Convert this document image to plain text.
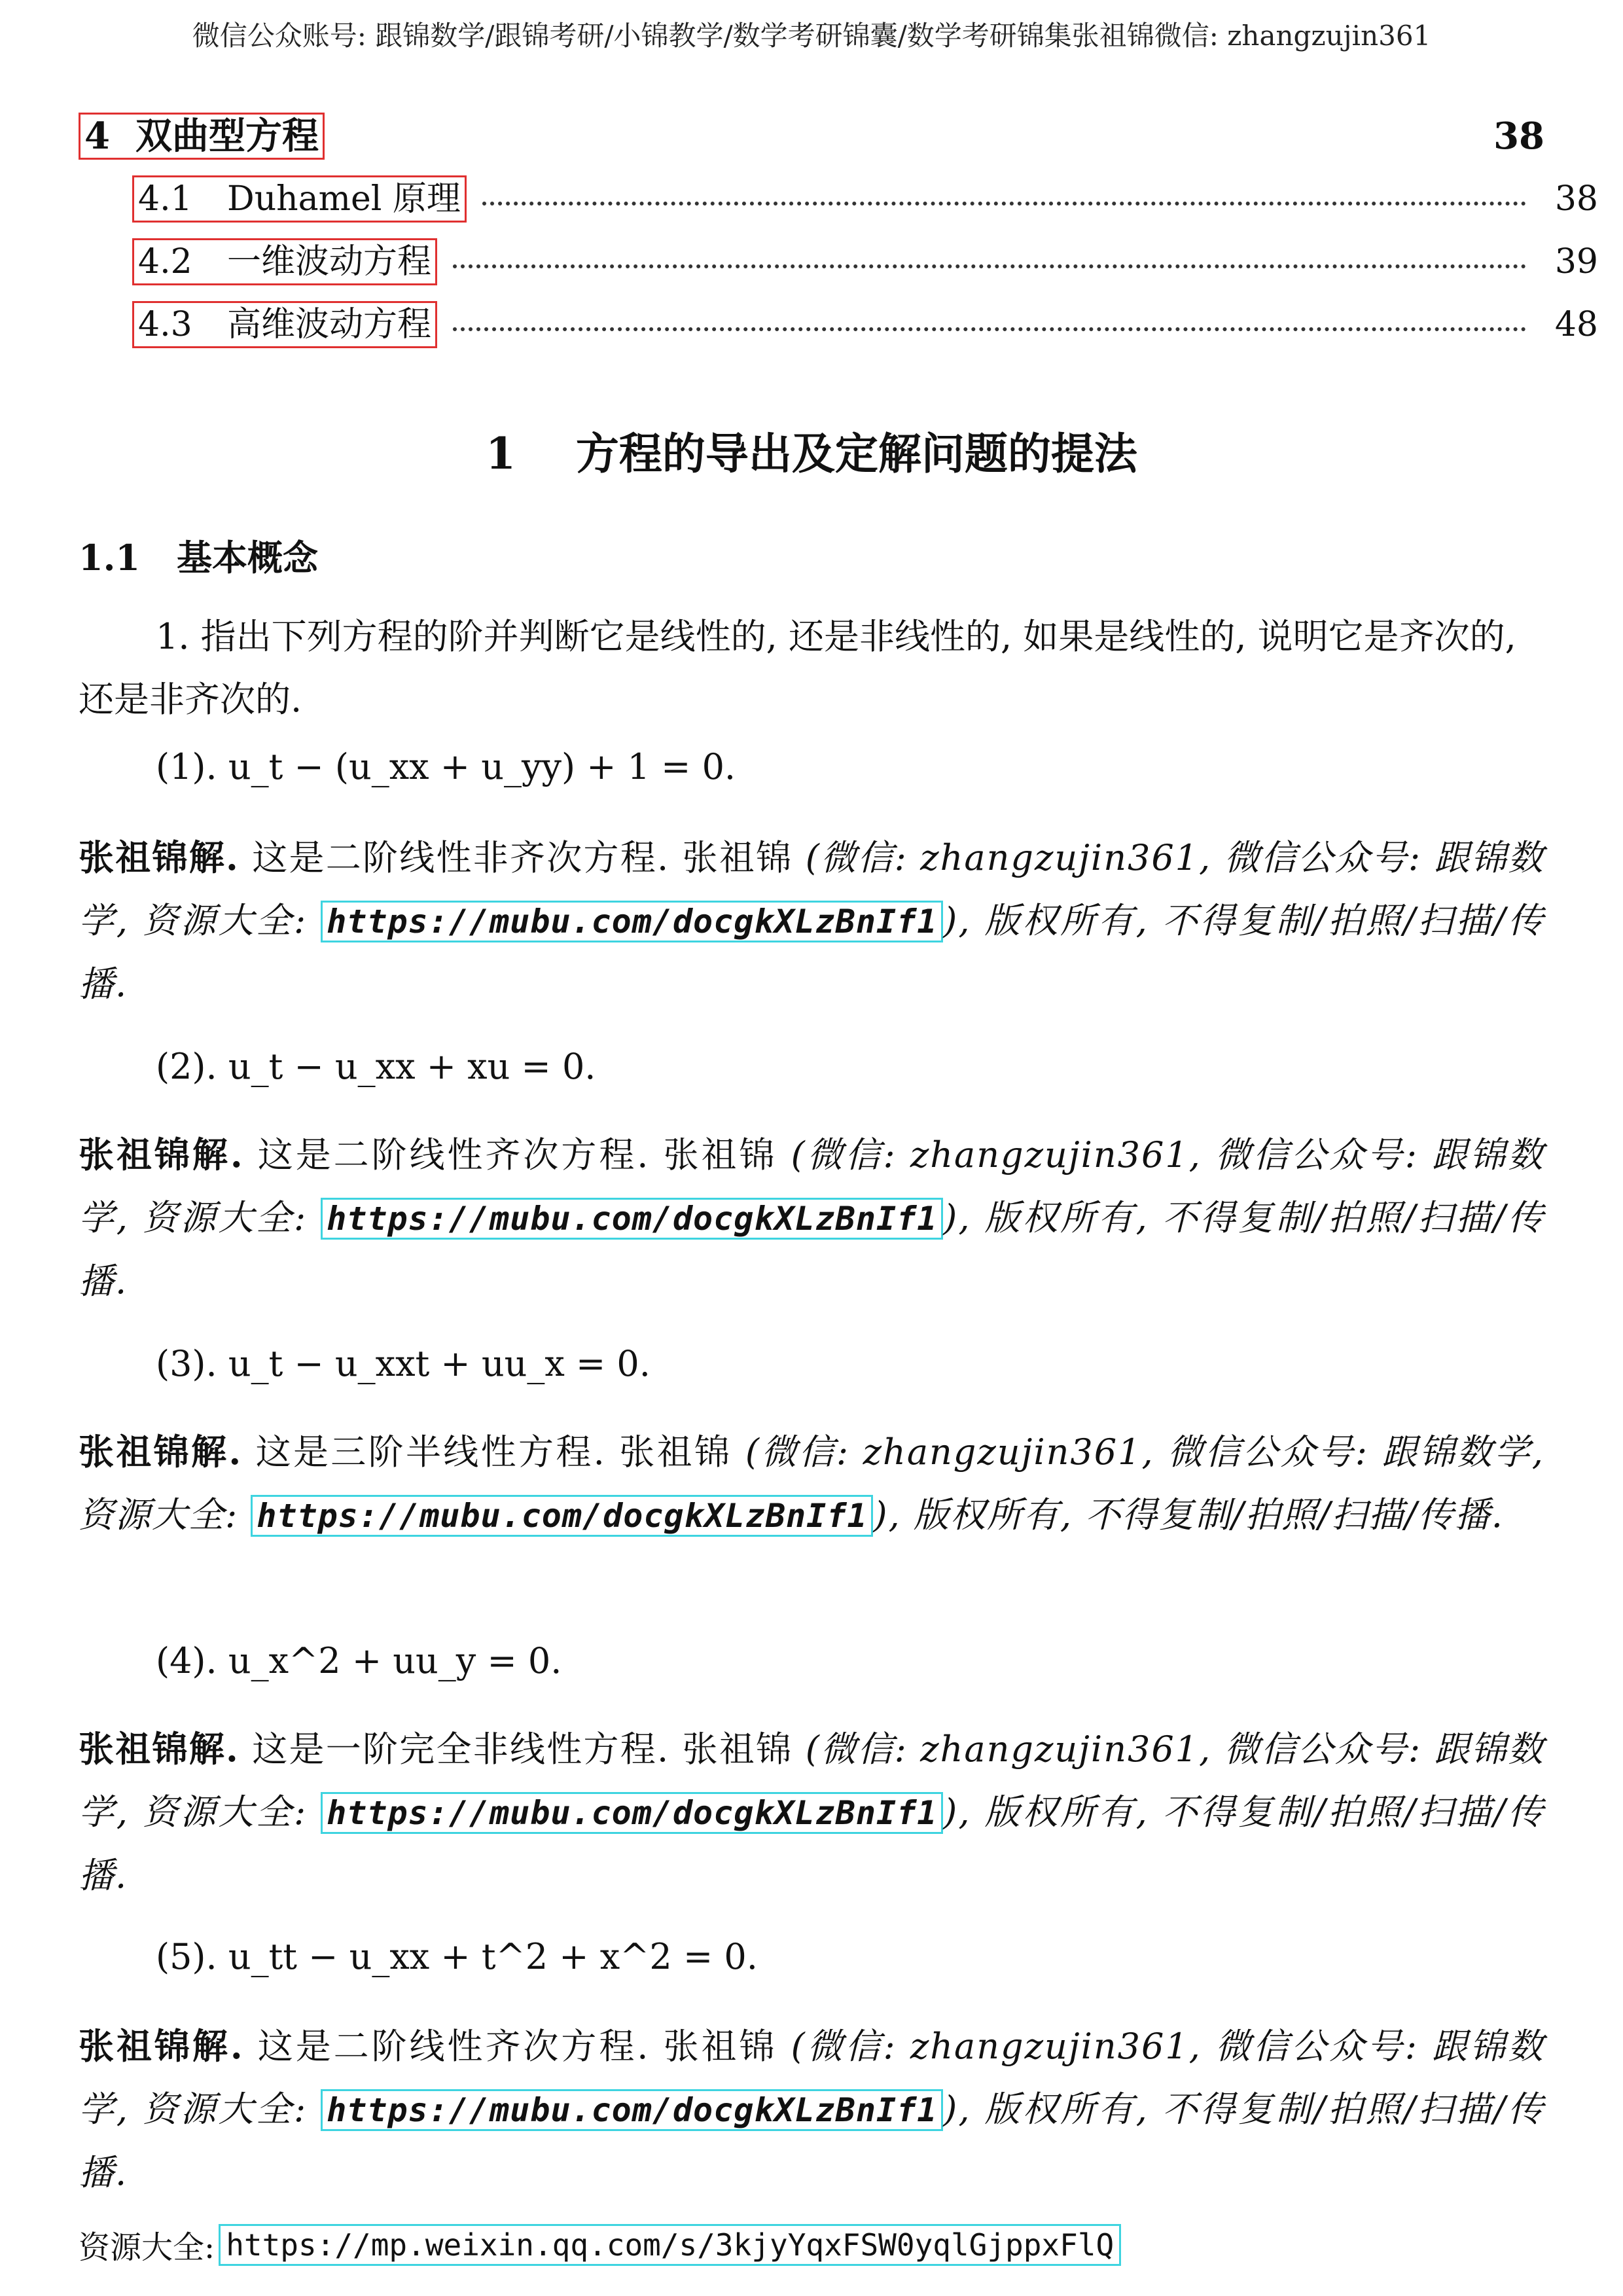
微信公众账号: 跟锦数学/跟锦考研/小锦教学/数学考研锦囊/数学考研锦集张祖锦微信: zhangzujin361
4 双曲型方程	38
4.1 Duhamel 原理	38
4.2 一维波动方程	39
4.3 高维波动方程	48
1 方程的导出及定解问题的提法
1.1 基本概念
1. 指出下列方程的阶并判断它是线性的, 还是非线性的, 如果是线性的, 说明它是齐次的, 还是非齐次的.
(1). u_t − (u_xx + u_yy) + 1 = 0.
张祖锦解. 这是二阶线性非齐次方程. 张祖锦 (微信: zhangzujin361, 微信公众号: 跟锦数学, 资源大全: https://mubu.com/docgkXLzBnIf1 ), 版权所有, 不得复制/拍照/扫描/传播.
(2). u_t − u_xx + xu = 0.
张祖锦解. 这是二阶线性齐次方程. 张祖锦 (微信: zhangzujin361, 微信公众号: 跟锦数学, 资源大全: https://mubu.com/docgkXLzBnIf1 ), 版权所有, 不得复制/拍照/扫描/传播.
(3). u_t − u_xxt + uu_x = 0.
张祖锦解. 这是三阶半线性方程. 张祖锦 (微信: zhangzujin361, 微信公众号: 跟锦数学, 资源大全: https://mubu.com/docgkXLzBnIf1 ), 版权所有, 不得复制/拍照/扫描/传播.
(4). u_x^2 + uu_y = 0.
张祖锦解. 这是一阶完全非线性方程. 张祖锦 (微信: zhangzujin361, 微信公众号: 跟锦数学, 资源大全: https://mubu.com/docgkXLzBnIf1 ), 版权所有, 不得复制/拍照/扫描/传播.
(5). u_tt − u_xx + t^2 + x^2 = 0.
张祖锦解. 这是二阶线性齐次方程. 张祖锦 (微信: zhangzujin361, 微信公众号: 跟锦数学, 资源大全: https://mubu.com/docgkXLzBnIf1 ), 版权所有, 不得复制/拍照/扫描/传播.
资源大全: https://mp.weixin.qq.com/s/3kjyYqxFSW0yqlGjppxFlQ
